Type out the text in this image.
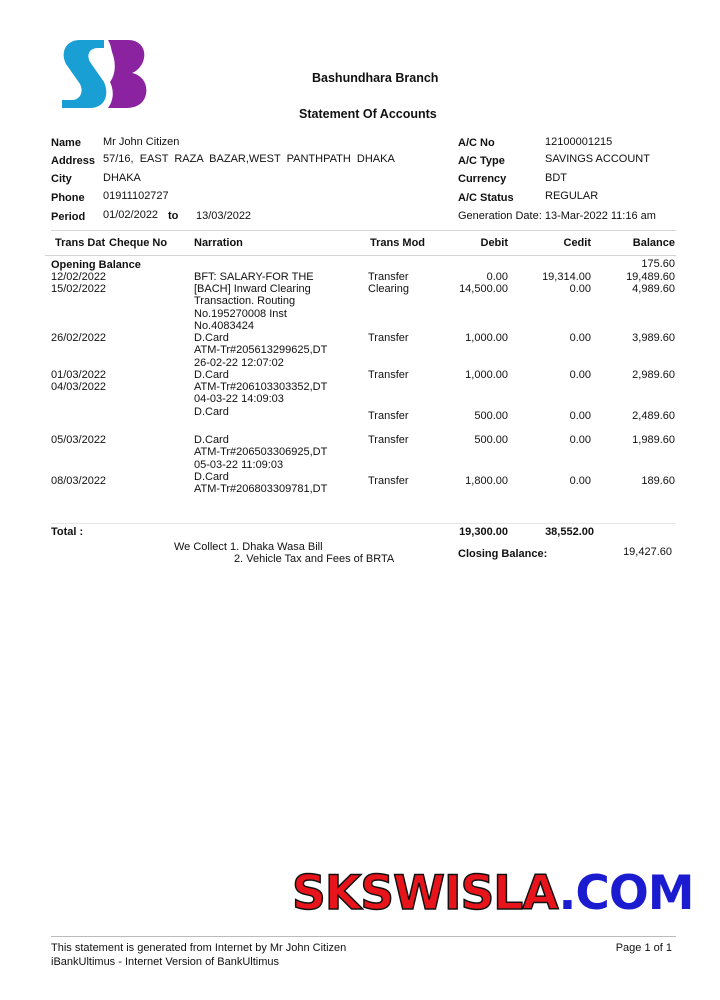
Bashundhara Branch
Statement Of Accounts
Name Mr John Citizen
Address 57/16,  EAST  RAZA  BAZAR,WEST  PANTHPATH  DHAKA
City	DHAKA
Phone 01911102727
Period 01/02/2022 to 13/03/2022
A/C No	12100001215
A/C Type	SAVINGS ACCOUNT
Currency	BDT
A/C Status	REGULAR
Generation Date: 13-Mar-2022 11:16 am
Trans Dat Cheque No Narration	Trans Mod	Debit	Cedit	Balance
Opening Balance	175.60
12/02/2022	BFT: SALARY-FOR THE	Transfer	0.00	19,314.00	19,489.60
15/02/2022	[BACH] Inward Clearing
Transaction. Routing
No.195270008 Inst
No.4083424
Clearing	14,500.00	0.00	4,989.60
26/02/2022	D.Card
ATM-Tr#205613299625,DT
26-02-22 12:07:02
Transfer	1,000.00	0.00	3,989.60
01/03/2022	D.Card	Transfer	1,000.00	0.00	2,989.60
04/03/2022	ATM-Tr#206103303352,DT
04-03-22 14:09:03
D.Card	Transfer	500.00	0.00	2,489.60
05/03/2022	D.Card
ATM-Tr#206503306925,DT
05-03-22 11:09:03
Transfer	500.00	0.00	1,989.60
08/03/2022	D.Card
ATM-Tr#206803309781,DT
Transfer	1,800.00	0.00	189.60
Total :	19,300.00	38,552.00
We Collect 1. Dhaka Wasa Bill
2. Vehicle Tax and Fees of BRTA	Closing Balance:	19,427.60
SKSWISLA.COM
This statement is generated from Internet by Mr John Citizen	Page 1 of 1
iBankUltimus - Internet Version of BankUltimus
